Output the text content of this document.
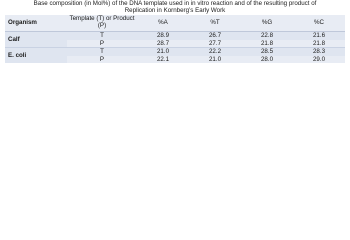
Base composition (in Mol%) of the DNA template used in in vitro reaction and of the resulting product of
Replication in Kornberg’s Early Work
Organism	Template (T) or Product (P)	%A	%T	%G	%C
Calf	T	28.9	26.7	22.8	21.6
	P	28.7	27.7	21.8	21.8
E. coli	T	21.0	22.2	28.5	28.3
	P	22.1	21.0	28.0	29.0
